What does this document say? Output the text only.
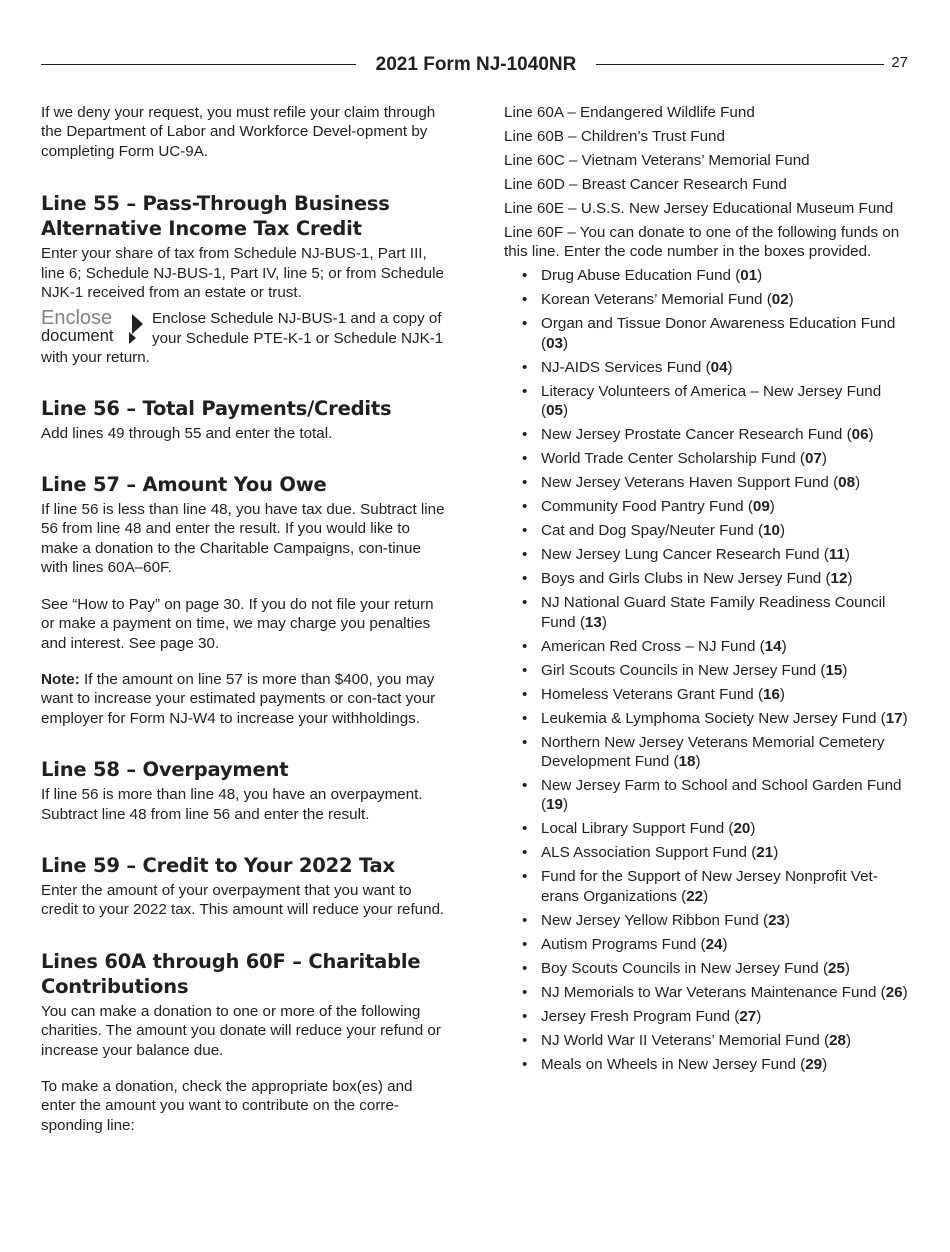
2021 Form NJ-1040NR	27

If we deny your request, you must refile your claim through the Department of Labor and Workforce Devel-opment by completing Form UC-9A.

Line 55 – Pass-Through Business
Alternative Income Tax Credit

Enter your share of tax from Schedule NJ-BUS-1, Part III, line 6; Schedule NJ-BUS-1, Part IV, line 5; or from Schedule NJK-1 received from an estate or trust.

Enclose
document

Enclose Schedule NJ-BUS-1 and a copy of your Schedule PTE-K-1 or Schedule NJK-1 with your return.

Line 56 – Total Payments/Credits

Add lines 49 through 55 and enter the total.

Line 57 – Amount You Owe

If line 56 is less than line 48, you have tax due. Subtract line 56 from line 48 and enter the result. If you would like to make a donation to the Charitable Campaigns, con-tinue with lines 60A–60F.

See “How to Pay” on page 30. If you do not file your return or make a payment on time, we may charge you penalties and interest. See page 30.

Note: If the amount on line 57 is more than $400, you may want to increase your estimated payments or con-tact your employer for Form NJ-W4 to increase your withholdings.

Line 58 – Overpayment

If line 56 is more than line 48, you have an overpayment. Subtract line 48 from line 56 and enter the result.

Line 59 – Credit to Your 2022 Tax

Enter the amount of your overpayment that you want to credit to your 2022 tax. This amount will reduce your refund.

Lines 60A through 60F – Charitable
Contributions

You can make a donation to one or more of the following charities. The amount you donate will reduce your refund or increase your balance due.

To make a donation, check the appropriate box(es) and enter the amount you want to contribute on the corre-sponding line:

Line 60A – Endangered Wildlife Fund

Line 60B – Children’s Trust Fund

Line 60C – Vietnam Veterans’ Memorial Fund

Line 60D – Breast Cancer Research Fund

Line 60E – U.S.S. New Jersey Educational Museum Fund

Line 60F – You can donate to one of the following funds on this line. Enter the code number in the boxes provided.

• Drug Abuse Education Fund (01)
• Korean Veterans’ Memorial Fund (02)
• Organ and Tissue Donor Awareness Education Fund (03)
• NJ-AIDS Services Fund (04)
• Literacy Volunteers of America – New Jersey Fund (05)
• New Jersey Prostate Cancer Research Fund (06)
• World Trade Center Scholarship Fund (07)
• New Jersey Veterans Haven Support Fund (08)
• Community Food Pantry Fund (09)
• Cat and Dog Spay/Neuter Fund (10)
• New Jersey Lung Cancer Research Fund (11)
• Boys and Girls Clubs in New Jersey Fund (12)
• NJ National Guard State Family Readiness Council Fund (13)
• American Red Cross – NJ Fund (14)
• Girl Scouts Councils in New Jersey Fund (15)
• Homeless Veterans Grant Fund (16)
• Leukemia & Lymphoma Society New Jersey Fund (17)
• Northern New Jersey Veterans Memorial Cemetery Development Fund (18)
• New Jersey Farm to School and School Garden Fund (19)
• Local Library Support Fund (20)
• ALS Association Support Fund (21)
• Fund for the Support of New Jersey Nonprofit Vet-erans Organizations (22)
• New Jersey Yellow Ribbon Fund (23)
• Autism Programs Fund (24)
• Boy Scouts Councils in New Jersey Fund (25)
• NJ Memorials to War Veterans Maintenance Fund (26)
• Jersey Fresh Program Fund (27)
• NJ World War II Veterans’ Memorial Fund (28)
• Meals on Wheels in New Jersey Fund (29)
